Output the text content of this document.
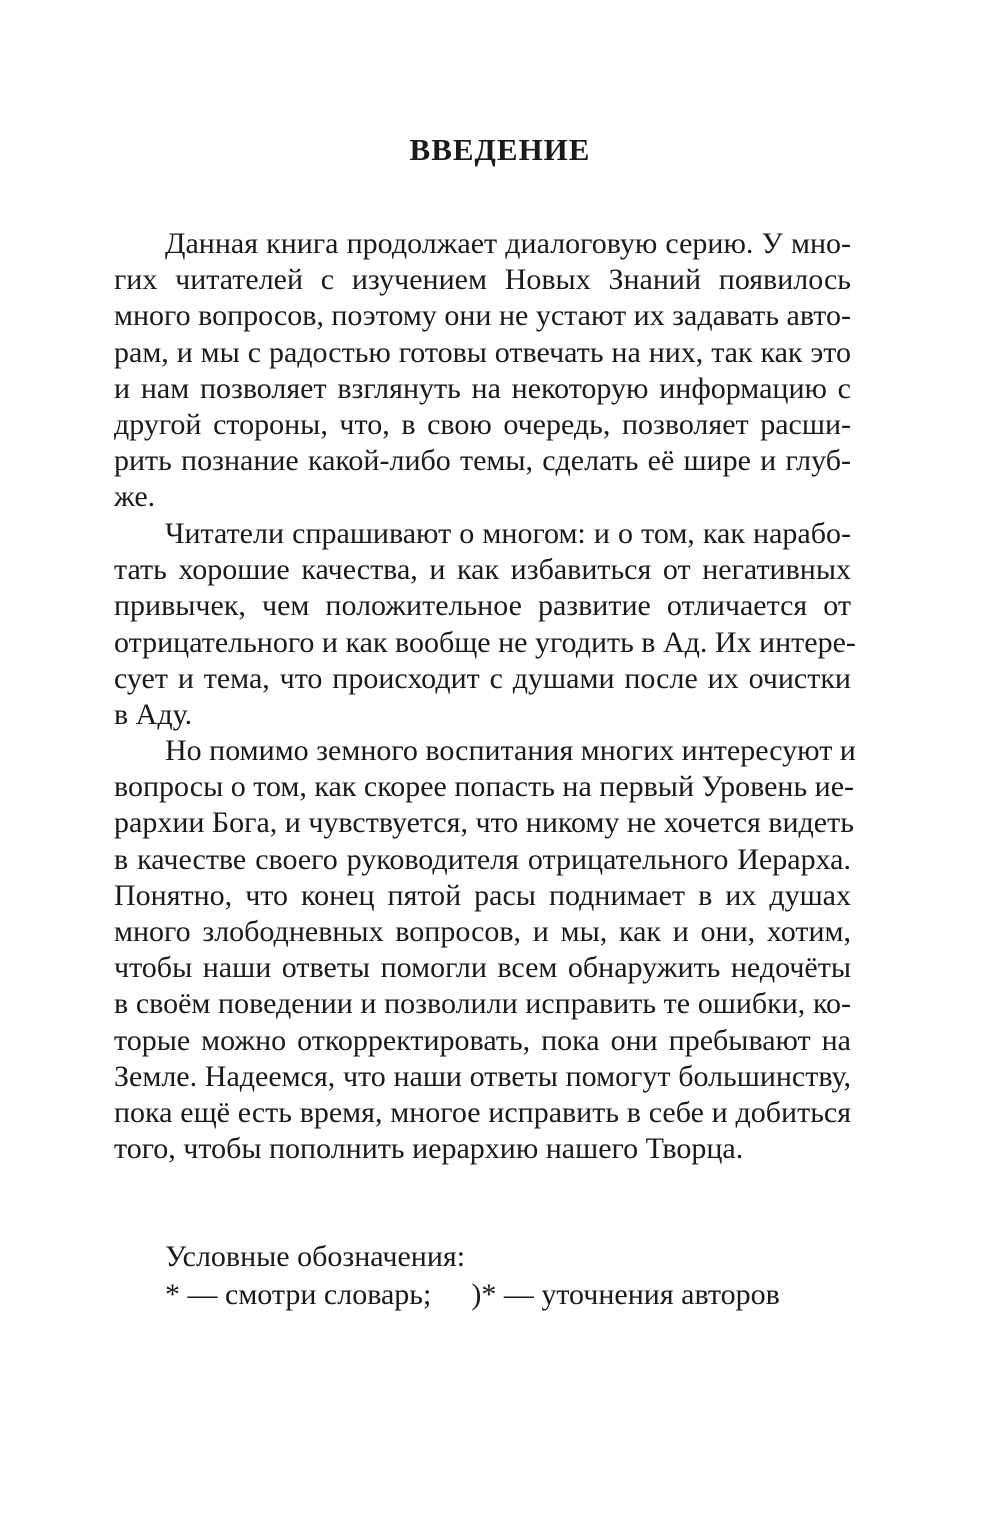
ВВЕДЕНИЕ
Данная книга продолжает диалоговую серию. У мно-
гих читателей с изучением Новых Знаний появилось
много вопросов, поэтому они не устают их задавать авто-
рам, и мы с радостью готовы отвечать на них, так как это
и нам позволяет взглянуть на некоторую информацию с
другой стороны, что, в свою очередь, позволяет расши-
рить познание какой-либо темы, сделать её шире и глуб-
же.
Читатели спрашивают о многом: и о том, как нарабо-
тать хорошие качества, и как избавиться от негативных
привычек, чем положительное развитие отличается от
отрицательного и как вообще не угодить в Ад. Их интере-
сует и тема, что происходит с душами после их очистки
в Аду.
Но помимо земного воспитания многих интересуют и
вопросы о том, как скорее попасть на первый Уровень ие-
рархии Бога, и чувствуется, что никому не хочется видеть
в качестве своего руководителя отрицательного Иерарха.
Понятно, что конец пятой расы поднимает в их душах
много злободневных вопросов, и мы, как и они, хотим,
чтобы наши ответы помогли всем обнаружить недочёты
в своём поведении и позволили исправить те ошибки, ко-
торые можно откорректировать, пока они пребывают на
Земле. Надеемся, что наши ответы помогут большинству,
пока ещё есть время, многое исправить в себе и добиться
того, чтобы пополнить иерархию нашего Творца.
Условные обозначения:
* — смотри словарь; )* — уточнения авторов
